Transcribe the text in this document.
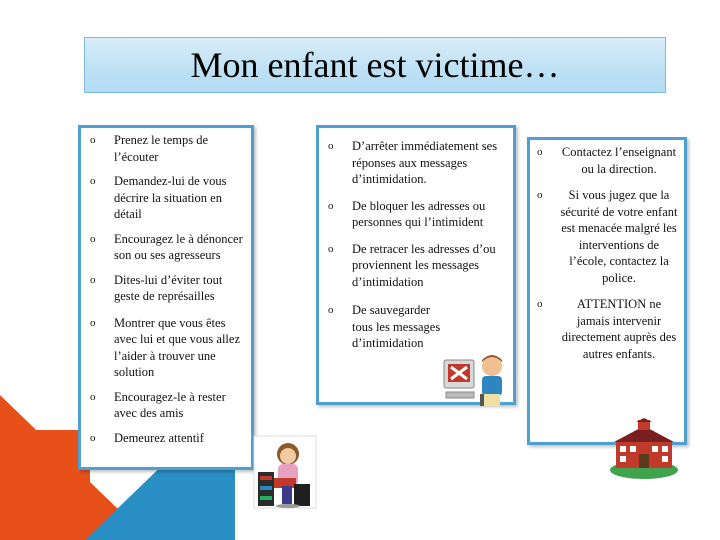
Mon enfant est victime…
o Prenez le temps de l’écouter
o Demandez-lui de vous décrire la situation en détail
o Encouragez le à dénoncer son ou ses agresseurs
o Dites-lui d’éviter tout geste de représailles
o Montrer que vous êtes avec lui et que vous allez l’aider à trouver une solution
o Encouragez-le à rester avec des amis
o Demeurez attentif
o D’arrêter immédiatement ses réponses aux messages d’intimidation.
o De bloquer les adresses ou personnes qui l’intimident
o De retracer les adresses d’ou proviennent les messages d’intimidation
o De sauvegarder tous les messages d’intimidation
o Contactez l’enseignant ou la direction.
o Si vous jugez que la sécurité de votre enfant est menacée malgré les interventions de l’école, contactez la police.
o	ATTENTION ne jamais intervenir directement auprès des autres enfants.
